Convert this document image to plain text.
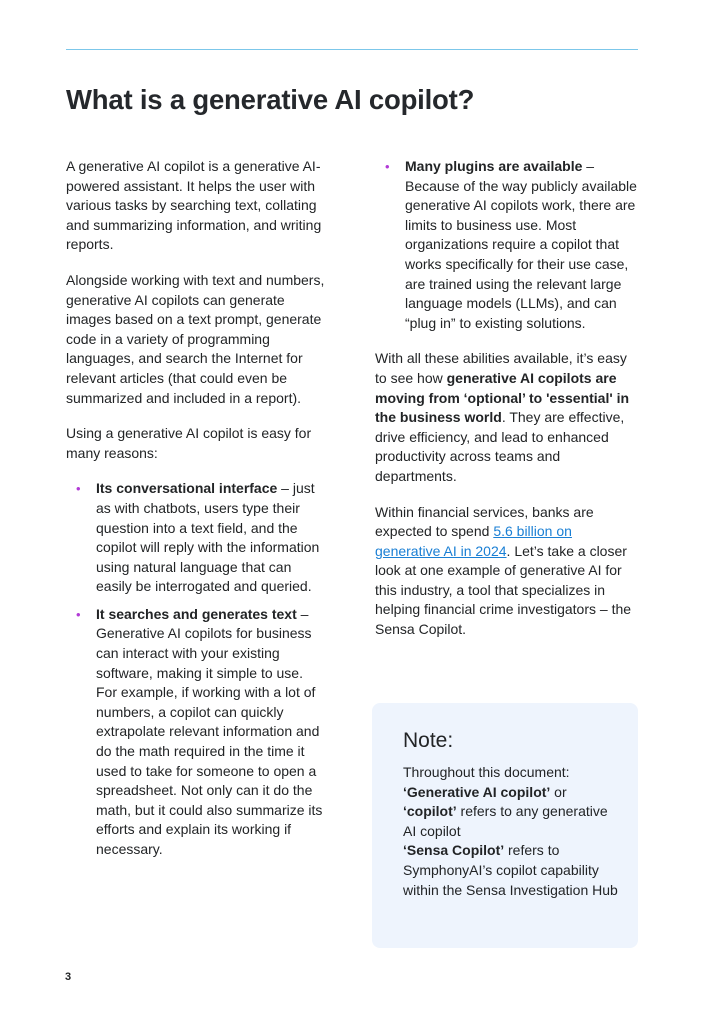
What is a generative AI copilot?

A generative AI copilot is a generative AI-powered assistant. It helps the user with various tasks by searching text, collating and summarizing information, and writing reports.

Alongside working with text and numbers, generative AI copilots can generate images based on a text prompt, generate code in a variety of programming languages, and search the Internet for relevant articles (that could even be summarized and included in a report).

Using a generative AI copilot is easy for many reasons:

• Its conversational interface – just as with chatbots, users type their question into a text field, and the copilot will reply with the information using natural language that can easily be interrogated and queried.
• It searches and generates text – Generative AI copilots for business can interact with your existing software, making it simple to use. For example, if working with a lot of numbers, a copilot can quickly extrapolate relevant information and do the math required in the time it used to take for someone to open a spreadsheet. Not only can it do the math, but it could also summarize its efforts and explain its working if necessary.
• Many plugins are available – Because of the way publicly available generative AI copilots work, there are limits to business use. Most organizations require a copilot that works specifically for their use case, are trained using the relevant large language models (LLMs), and can “plug in” to existing solutions.

With all these abilities available, it’s easy to see how generative AI copilots are moving from ‘optional’ to 'essential' in the business world. They are effective, drive efficiency, and lead to enhanced productivity across teams and departments.

Within financial services, banks are expected to spend 5.6 billion on generative AI in 2024. Let’s take a closer look at one example of generative AI for this industry, a tool that specializes in helping financial crime investigators – the Sensa Copilot.

Note:
Throughout this document:
‘Generative AI copilot’ or ‘copilot’ refers to any generative AI copilot
‘Sensa Copilot’ refers to SymphonyAI’s copilot capability within the Sensa Investigation Hub
3
